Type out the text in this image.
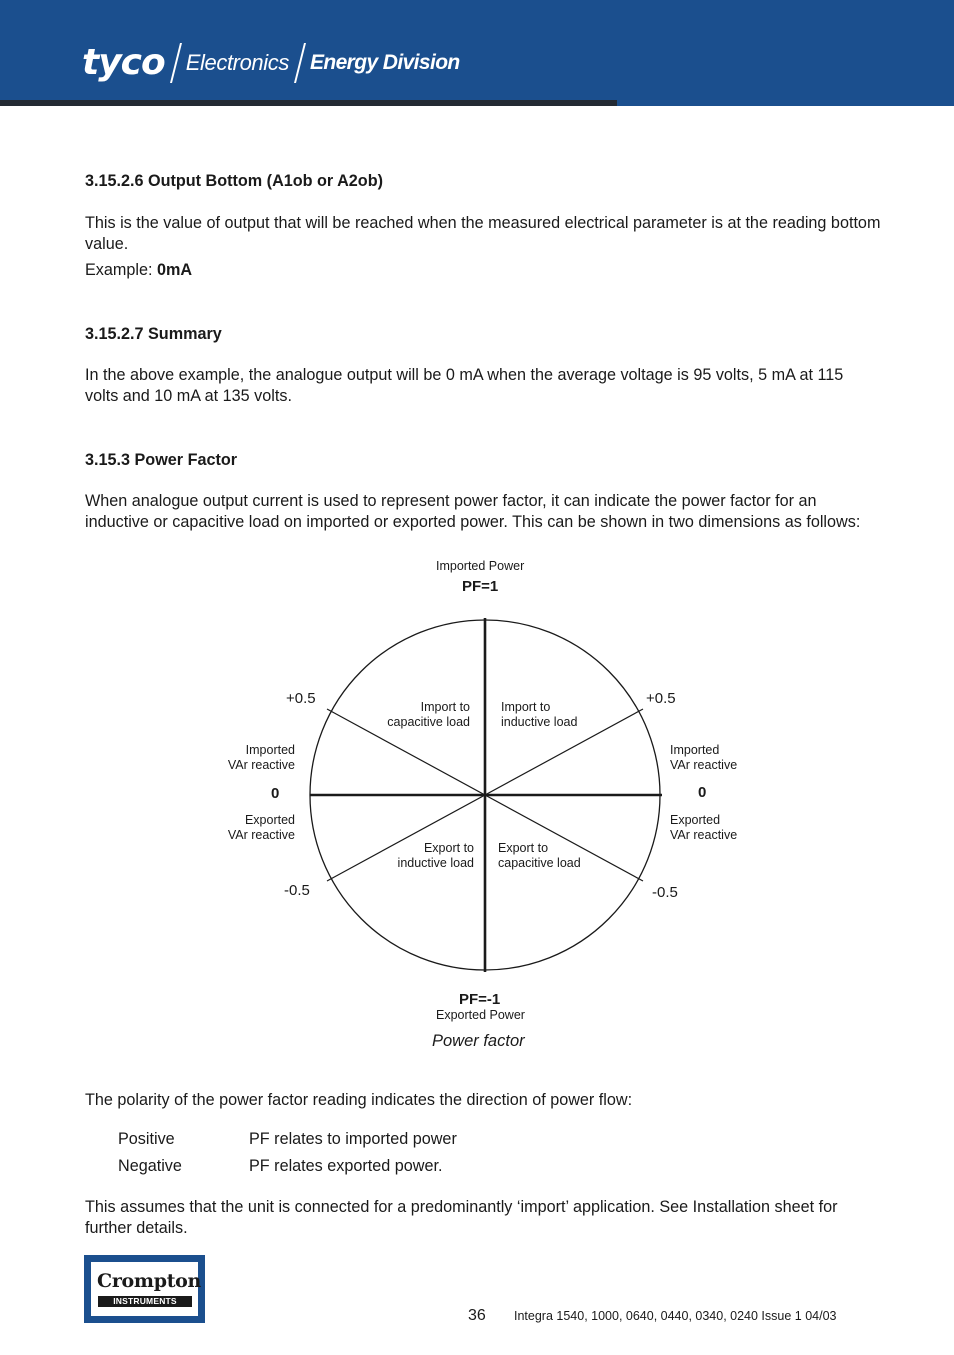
tyco Electronics Energy Division
3.15.2.6 Output Bottom (A1ob or A2ob)
This is the value of output that will be reached when the measured electrical parameter is at the reading bottom value.
Example: 0mA
3.15.2.7 Summary
In the above example, the analogue output will be 0 mA when the average voltage is 95 volts, 5 mA at 115 volts and 10 mA at 135 volts.
3.15.3 Power Factor
When analogue output current is used to represent power factor, it can indicate the power factor for an inductive or capacitive load on imported or exported power. This can be shown in two dimensions as follows:
Imported Power
PF=1
PF=-1
Exported Power
+0.5	+0.5
-0.5	-0.5
0	0
Imported
VAr reactive
Exported
VAr reactive
Imported
VAr reactive
Exported
VAr reactive
Import to
capacitive load
Import to
inductive load
Export to
inductive load
Export to
capacitive load
Power factor
The polarity of the power factor reading indicates the direction of power flow:
Positive	PF relates to imported power
Negative	PF relates exported power.
This assumes that the unit is connected for a predominantly ‘import’ application. See Installation sheet for further details.
Crompton
INSTRUMENTS
36 Integra 1540, 1000, 0640, 0440, 0340, 0240 Issue 1 04/03
